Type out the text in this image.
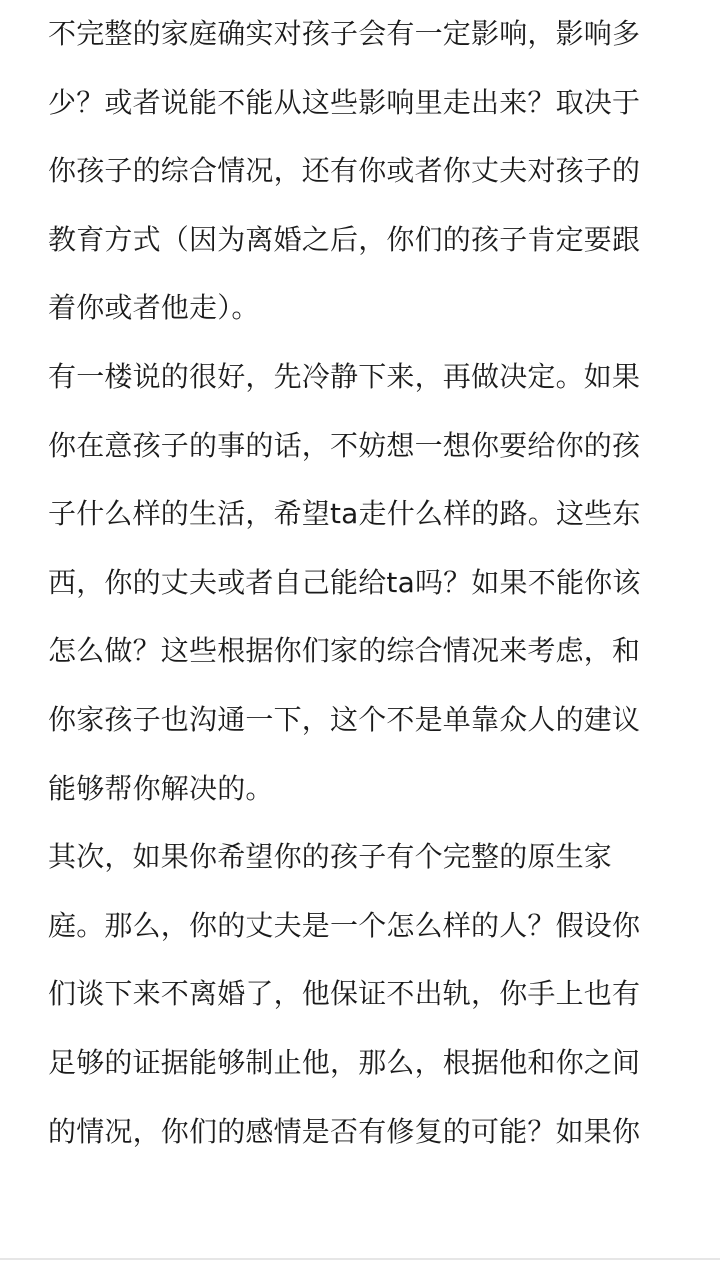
不完整的家庭确实对孩子会有一定影响，影响多
少？或者说能不能从这些影响里走出来？取决于
你孩子的综合情况，还有你或者你丈夫对孩子的
教育方式（因为离婚之后，你们的孩子肯定要跟
着你或者他走）。
有一楼说的很好，先冷静下来，再做决定。如果
你在意孩子的事的话，不妨想一想你要给你的孩
子什么样的生活，希望ta走什么样的路。这些东
西，你的丈夫或者自己能给ta吗？如果不能你该
怎么做？这些根据你们家的综合情况来考虑，和
你家孩子也沟通一下，这个不是单靠众人的建议
能够帮你解决的。
其次，如果你希望你的孩子有个完整的原生家
庭。那么，你的丈夫是一个怎么样的人？假设你
们谈下来不离婚了，他保证不出轨，你手上也有
足够的证据能够制止他，那么，根据他和你之间
的情况，你们的感情是否有修复的可能？如果你
